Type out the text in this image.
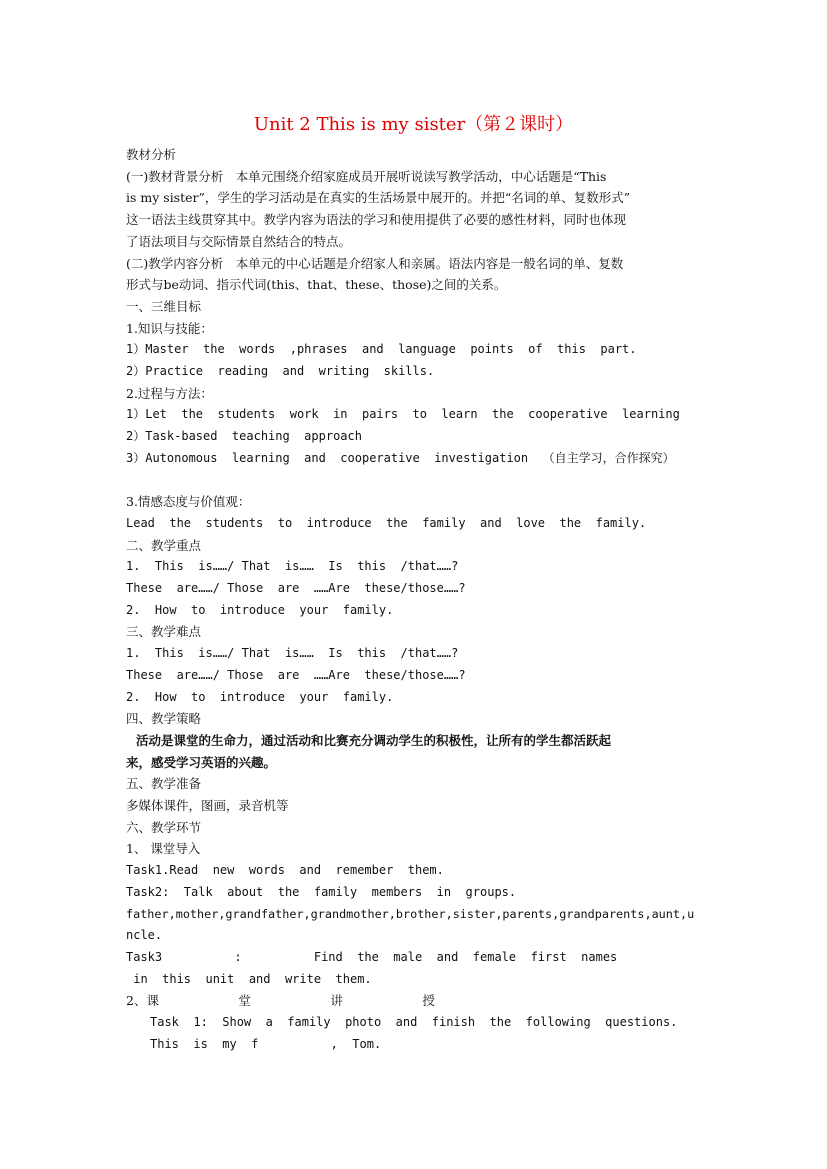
Unit 2 This is my sister（第２课时）
教材分析
(一)教材背景分析　本单元围绕介绍家庭成员开展听说读写教学活动，中心话题是“This
is my sister”，学生的学习活动是在真实的生活场景中展开的。并把“名词的单、复数形式”
这一语法主线贯穿其中。教学内容为语法的学习和使用提供了必要的感性材料，同时也体现
了语法项目与交际情景自然结合的特点。
(二)教学内容分析　本单元的中心话题是介绍家人和亲属。语法内容是一般名词的单、复数
形式与be动词、指示代词(this、that、these、those)之间的关系。
一、三维目标
1.知识与技能：
1）Master  the  words  ,phrases  and  language  points  of  this  part.
2）Practice  reading  and  writing  skills.
2.过程与方法：
1）Let  the  students  work  in  pairs  to  learn  the  cooperative  learning
2）Task-based  teaching  approach
3）Autonomous  learning  and  cooperative  investigation  （自主学习，合作探究）
3.情感态度与价值观：
Lead  the  students  to  introduce  the  family  and  love  the  family.
二、教学重点
1.  This  is……/ That  is……  Is  this  /that……?
These  are……/ Those  are  ……Are  these/those……?
2.  How  to  introduce  your  family.
三、教学难点
1.  This  is……/ That  is……  Is  this  /that……?
These  are……/ Those  are  ……Are  these/those……?
2.  How  to  introduce  your  family.
四、教学策略
活动是课堂的生命力，通过活动和比赛充分调动学生的积极性，让所有的学生都活跃起
来，感受学习英语的兴趣。
五、教学准备
多媒体课件，图画，录音机等
六、教学环节
1、 课堂导入
Task1.Read  new  words  and  remember  them.
Task2:  Talk  about  the  family  members  in  groups.
father,mother,grandfather,grandmother,brother,sister,parents,grandparents,aunt,u
ncle.
Task3          :          Find  the  male  and  female  first  names
in  this  unit  and  write  them.
2、课                    堂                    讲                    授
Task  1:  Show  a  family  photo  and  finish  the  following  questions.
This  is  my  f          ,  Tom.
